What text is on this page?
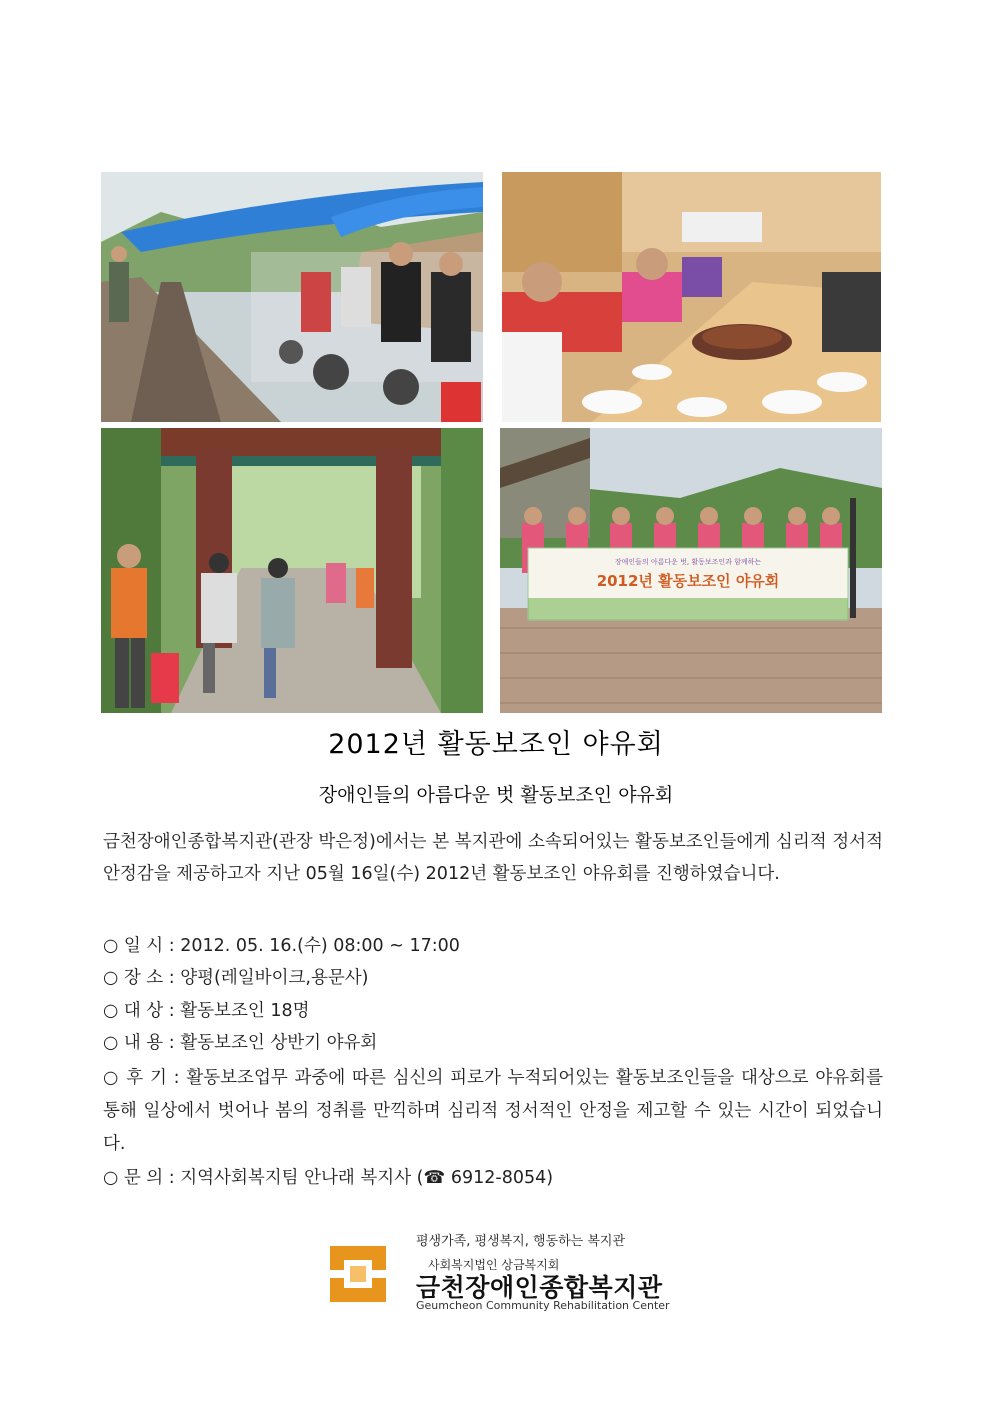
장애인들의 아름다운 벗, 활동보조인과 함께하는
2012년 활동보조인 야유회
2012년 활동보조인 야유회
장애인들의 아름다운 벗 활동보조인 야유회

금천장애인종합복지관(관장 박은정)에서는 본 복지관에 소속되어있는 활동보조인들에게 심리적 정서적 안정감을 제공하고자 지난 05월 16일(수) 2012년 활동보조인 야유회를 진행하였습니다.

○ 일 시 : 2012. 05. 16.(수) 08:00 ~ 17:00
○ 장 소 : 양평(레일바이크,용문사)
○ 대 상 : 활동보조인 18명
○ 내 용 : 활동보조인 상반기 야유회

○ 후 기 : 활동보조업무 과중에 따른 심신의 피로가 누적되어있는 활동보조인들을 대상으로 야유회를 통해 일상에서 벗어나 봄의 정취를 만끽하며 심리적 정서적인 안정을 제고할 수 있는 시간이 되었습니다.

○ 문 의 : 지역사회복지팀 안나래 복지사 (☎ 6912-8054)
평생가족, 평생복지, 행동하는 복지관
사회복지법인 상금복지회
금천장애인종합복지관
Geumcheon Community Rehabilitation Center
